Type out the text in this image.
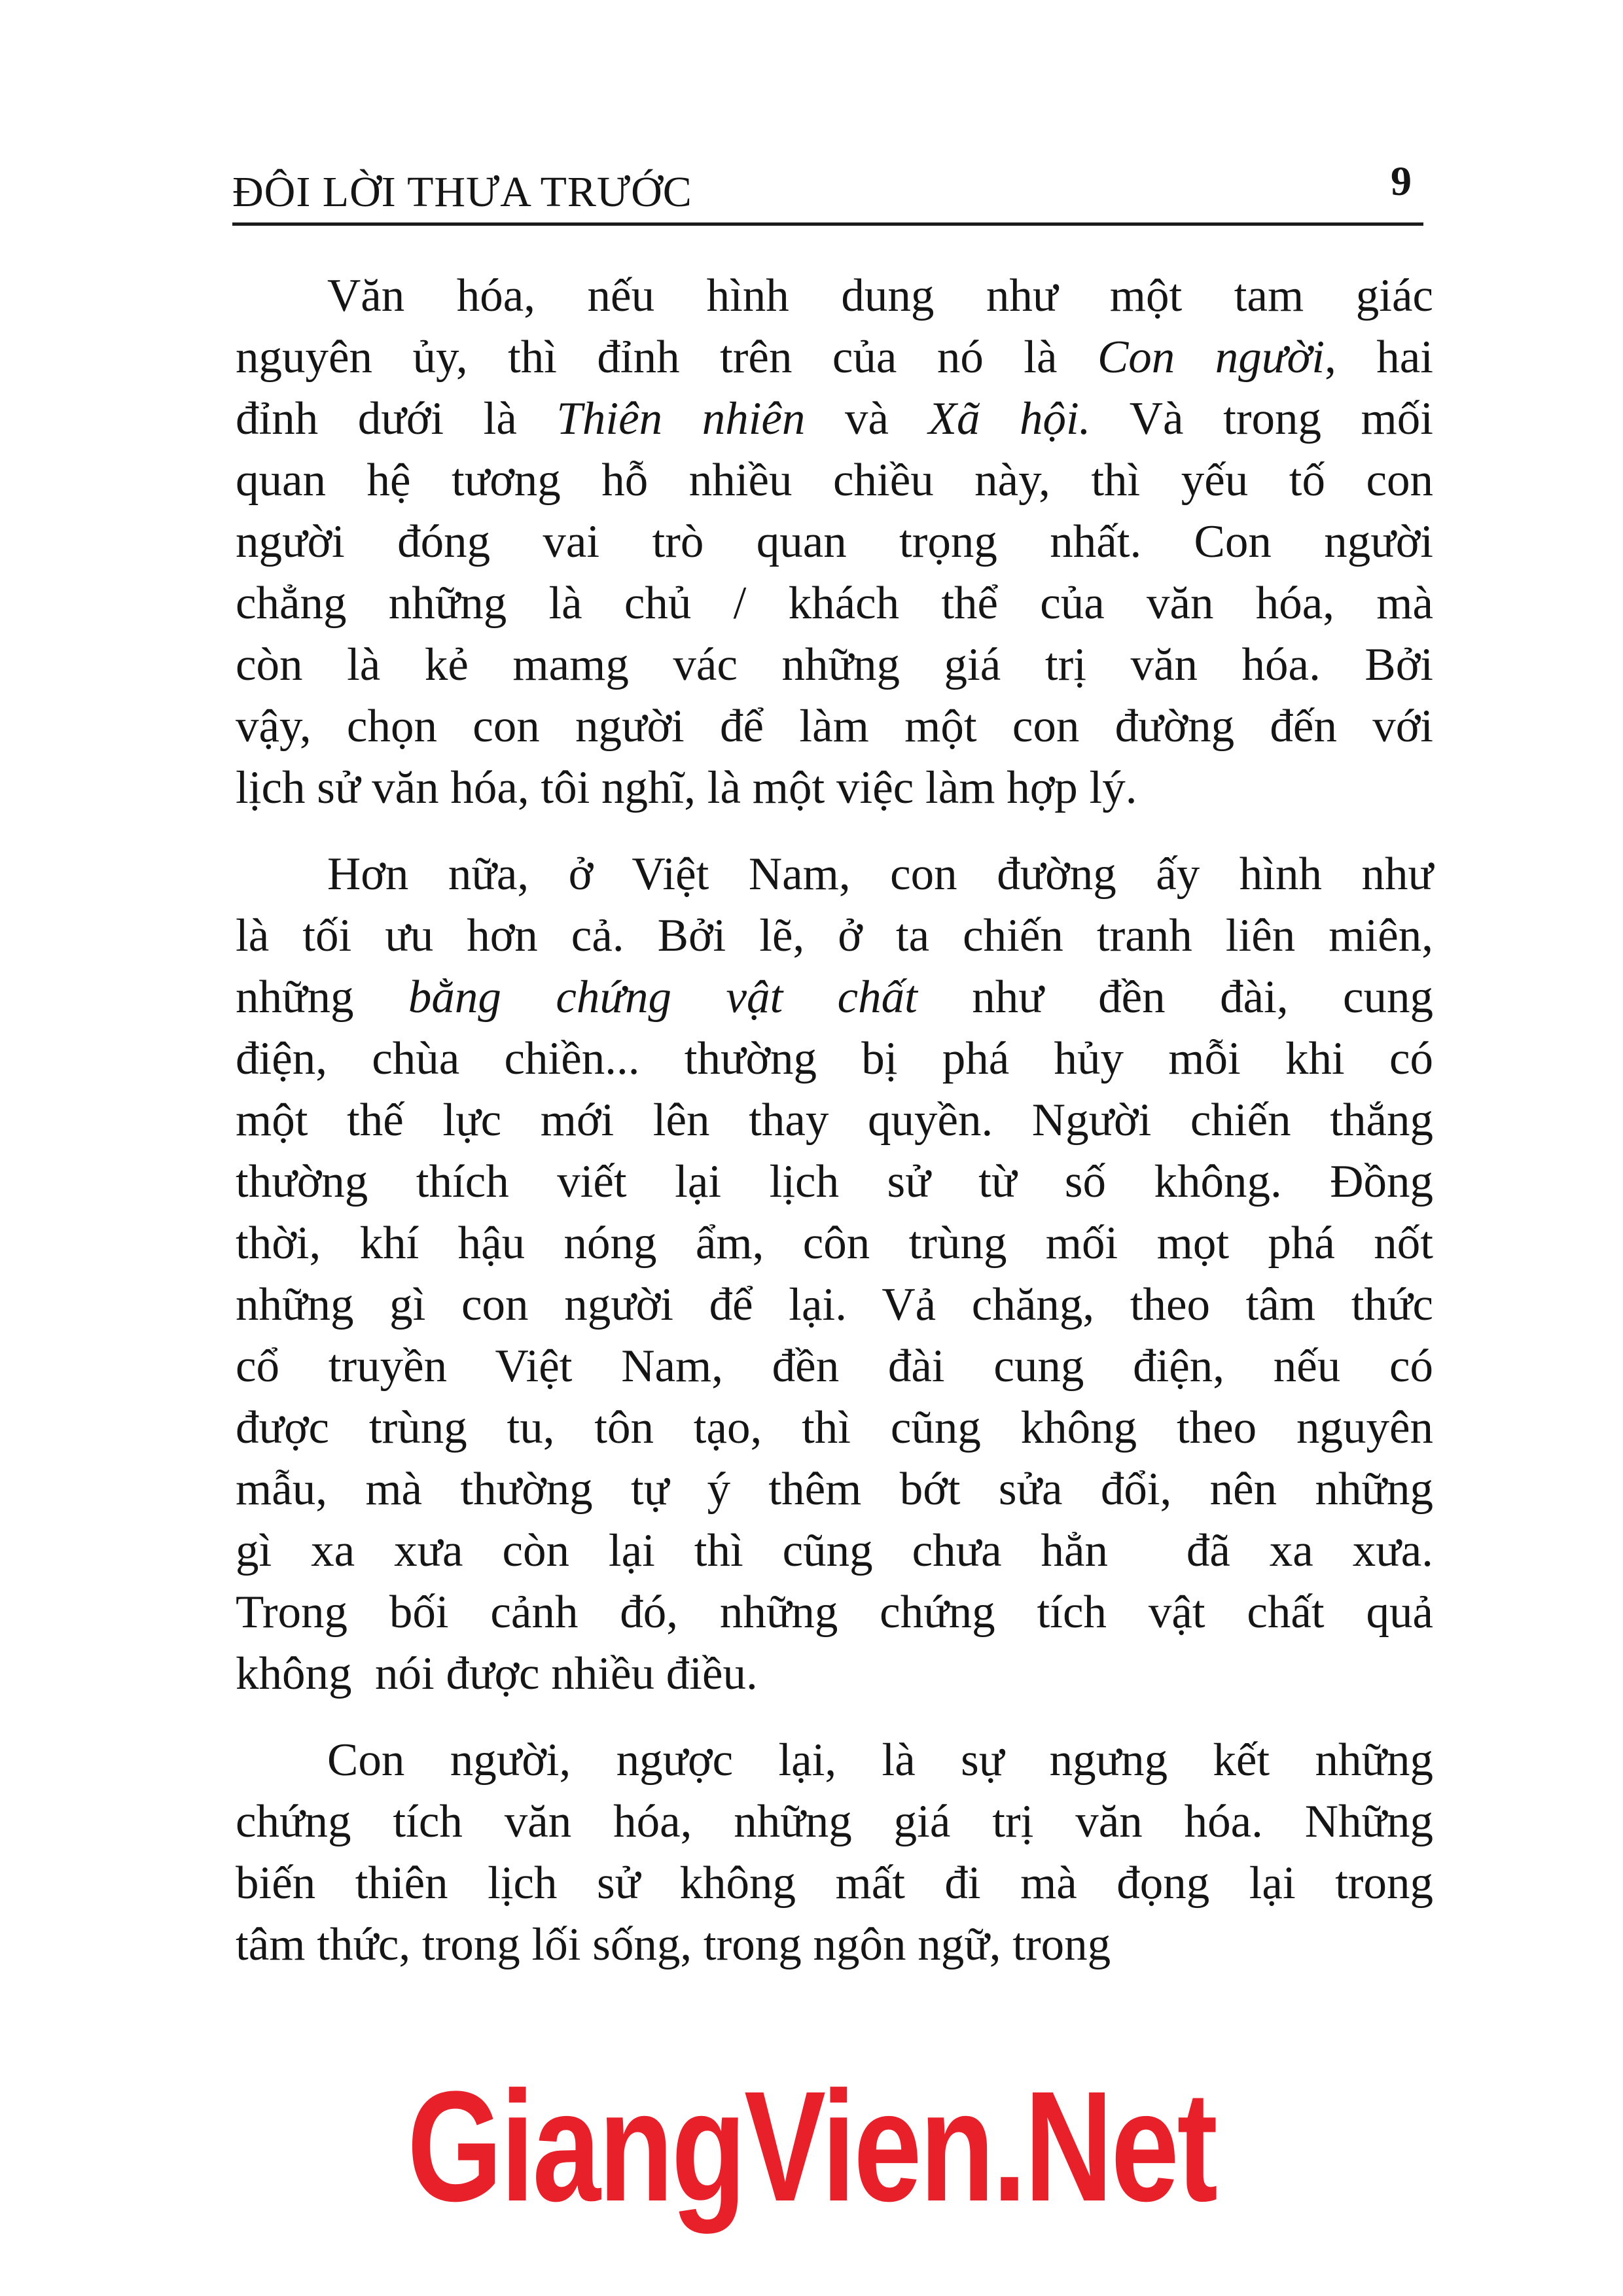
ĐÔI LỜI THƯA TRƯỚC	9
Văn hóa, nếu hình dung như một tam giác
nguyên ủy, thì đỉnh trên của nó là Con người, hai
đỉnh dưới là Thiên nhiên và Xã hội. Và trong mối
quan hệ tương hỗ nhiều chiều này, thì yếu tố con
người đóng vai trò quan trọng nhất. Con người
chẳng những là chủ / khách thể của văn hóa, mà
còn là kẻ mamg vác những giá trị văn hóa. Bởi
vậy, chọn con người để làm một con đường đến với
lịch sử văn hóa, tôi nghĩ, là một việc làm hợp lý.
Hơn nữa, ở Việt Nam, con đường ấy hình như
là tối ưu hơn cả. Bởi lẽ, ở ta chiến tranh liên miên,
những bằng chứng vật chất như đền đài, cung
điện, chùa chiền... thường bị phá hủy mỗi khi có
một thế lực mới lên thay quyền. Người chiến thắng
thường thích viết lại lịch sử từ số không. Đồng
thời, khí hậu nóng ẩm, côn trùng mối mọt phá nốt
những gì con người để lại. Vả chăng, theo tâm thức
cổ truyền Việt Nam, đền đài cung điện, nếu có
được trùng tu, tôn tạo, thì cũng không theo nguyên
mẫu, mà thường tự ý thêm bớt sửa đổi, nên những
gì xa xưa còn lại thì cũng chưa hẳn  đã xa xưa.
Trong bối cảnh đó, những chứng tích vật chất quả
không  nói được nhiều điều.
Con người, ngược lại, là sự ngưng kết những
chứng tích văn hóa, những giá trị văn hóa. Những
biến thiên lịch sử không mất đi mà đọng lại trong
tâm thức, trong lối sống, trong ngôn ngữ, trong
GiangVien.Net
